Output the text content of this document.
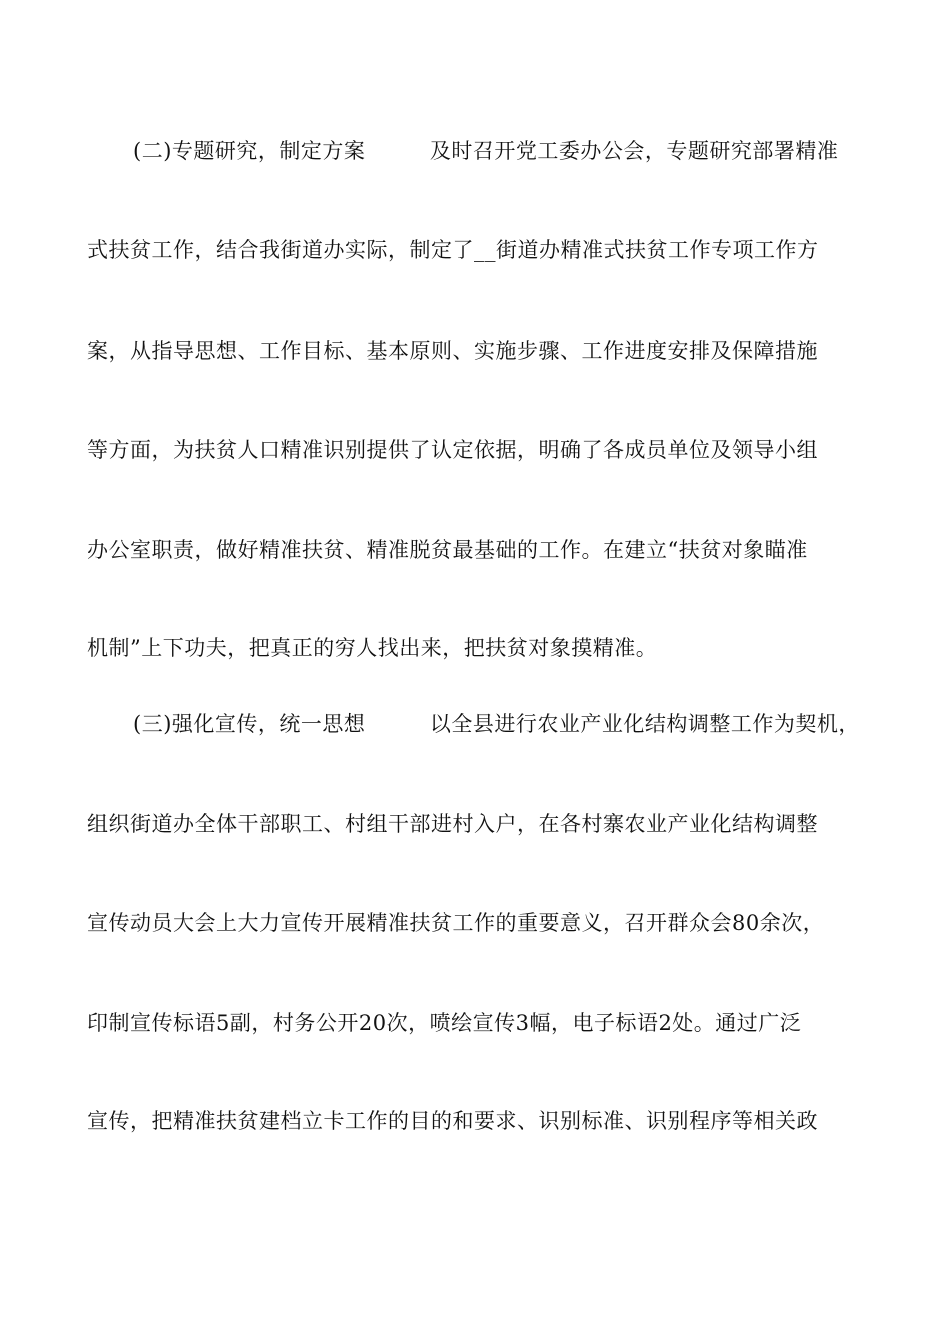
(二)专题研究，制定方案　　　及时召开党工委办公会，专题研究部署精准
式扶贫工作，结合我街道办实际，制定了__街道办精准式扶贫工作专项工作方
案，从指导思想、工作目标、基本原则、实施步骤、工作进度安排及保障措施
等方面，为扶贫人口精准识别提供了认定依据，明确了各成员单位及领导小组
办公室职责，做好精准扶贫、精准脱贫最基础的工作。在建立“扶贫对象瞄准
机制”上下功夫，把真正的穷人找出来，把扶贫对象摸精准。
(三)强化宣传，统一思想　　　以全县进行农业产业化结构调整工作为契机，
组织街道办全体干部职工、村组干部进村入户，在各村寨农业产业化结构调整
宣传动员大会上大力宣传开展精准扶贫工作的重要意义，召开群众会80余次，
印制宣传标语5副，村务公开20次，喷绘宣传3幅，电子标语2处。通过广泛
宣传，把精准扶贫建档立卡工作的目的和要求、识别标准、识别程序等相关政
